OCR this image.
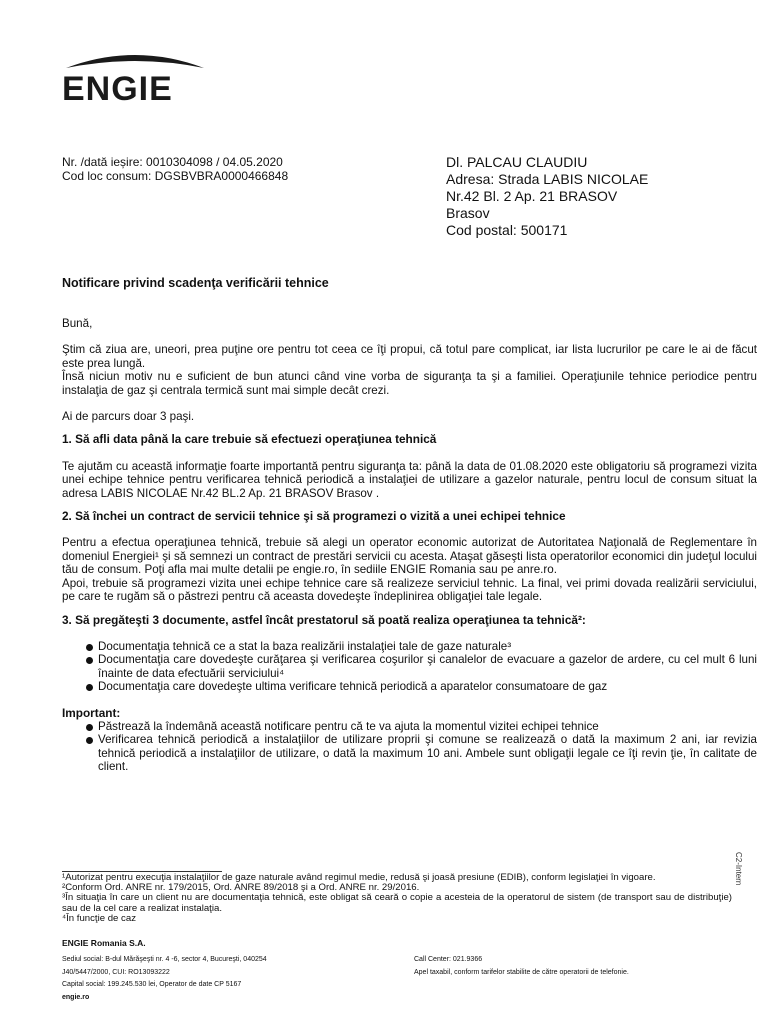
ENGIE
Nr. /dată ieșire: 0010304098 / 04.05.2020
Cod loc consum: DGSBVBRA0000466848
Dl. PALCAU CLAUDIU
Adresa: Strada LABIS NICOLAE
Nr.42 Bl. 2 Ap. 21 BRASOV
Brasov
Cod postal: 500171
Notificare privind scadenţa verificării tehnice

Bună,

Ştim că ziua are, uneori, prea puţine ore pentru tot ceea ce îţi propui, că totul pare complicat, iar lista lucrurilor pe care le ai de făcut este prea lungă.

Însă niciun motiv nu e suficient de bun atunci când vine vorba de siguranţa ta şi a familiei. Operaţiunile tehnice periodice pentru instalaţia de gaz şi centrala termică sunt mai simple decât crezi.

Ai de parcurs doar 3 paşi.

1. Să afli data până la care trebuie să efectuezi operaţiunea tehnică

Te ajutăm cu această informaţie foarte importantă pentru siguranţa ta: până la data de 01.08.2020 este obligatoriu să programezi vizita unei echipe tehnice pentru verificarea tehnică periodică a instalaţiei de utilizare a gazelor naturale, pentru locul de consum situat la adresa LABIS NICOLAE Nr.42 BL.2 Ap. 21 BRASOV Brasov .

2. Să închei un contract de servicii tehnice şi să programezi o vizită a unei echipei tehnice

Pentru a efectua operaţiunea tehnică, trebuie să alegi un operator economic autorizat de Autoritatea Naţională de Reglementare în domeniul Energiei¹ şi să semnezi un contract de prestări servicii cu acesta. Ataşat găseşti lista operatorilor economici din judeţul locului tău de consum. Poţi afla mai multe detalii pe engie.ro, în sediile ENGIE Romania sau pe anre.ro.

Apoi, trebuie să programezi vizita unei echipe tehnice care să realizeze serviciul tehnic. La final, vei primi dovada realizării serviciului, pe care te rugăm să o păstrezi pentru că aceasta dovedeşte îndeplinirea obligaţiei tale legale.

3. Să pregăteşti 3 documente, astfel încât prestatorul să poată realiza operaţiunea ta tehnică²:
Documentaţia tehnică ce a stat la baza realizării instalaţiei tale de gaze naturale³
Documentaţia care dovedeşte curăţarea şi verificarea coşurilor şi canalelor de evacuare a gazelor de ardere, cu cel mult 6 luni înainte de data efectuării serviciului⁴
Documentaţia care dovedeşte ultima verificare tehnică periodică a aparatelor consumatoare de gaz
Important:
Păstrează la îndemână această notificare pentru că te va ajuta la momentul vizitei echipei tehnice
Verificarea tehnică periodică a instalaţiilor de utilizare proprii şi comune se realizează o dată la maximum 2 ani, iar revizia tehnică periodică a instalaţiilor de utilizare, o dată la maximum 10 ani. Ambele sunt obligaţii legale ce îţi revin ţie, în calitate de client.
C2-Intern
¹Autorizat pentru execuţia instalaţiilor de gaze naturale având regimul medie, redusă şi joasă presiune (EDIB), conform legislaţiei în vigoare.
²Conform Ord. ANRE nr. 179/2015, Ord. ANRE 89/2018 şi a Ord. ANRE nr. 29/2016.
³În situaţia în care un client nu are documentaţia tehnică, este obligat să ceară o copie a acesteia de la operatorul de sistem (de transport sau de distribuţie) sau de la cel care a realizat instalaţia.
⁴În funcţie de caz
ENGIE Romania S.A.
Sediul social: B-dul Mărăşeşti nr. 4 -6, sector 4, Bucureşti, 040254
J40/5447/2000, CUI: RO13093222
Capital social: 199.245.530 lei, Operator de date CP 5167
engie.ro
Call Center: 021.9366
Apel taxabil, conform tarifelor stabilite de către operatorii de telefonie.
